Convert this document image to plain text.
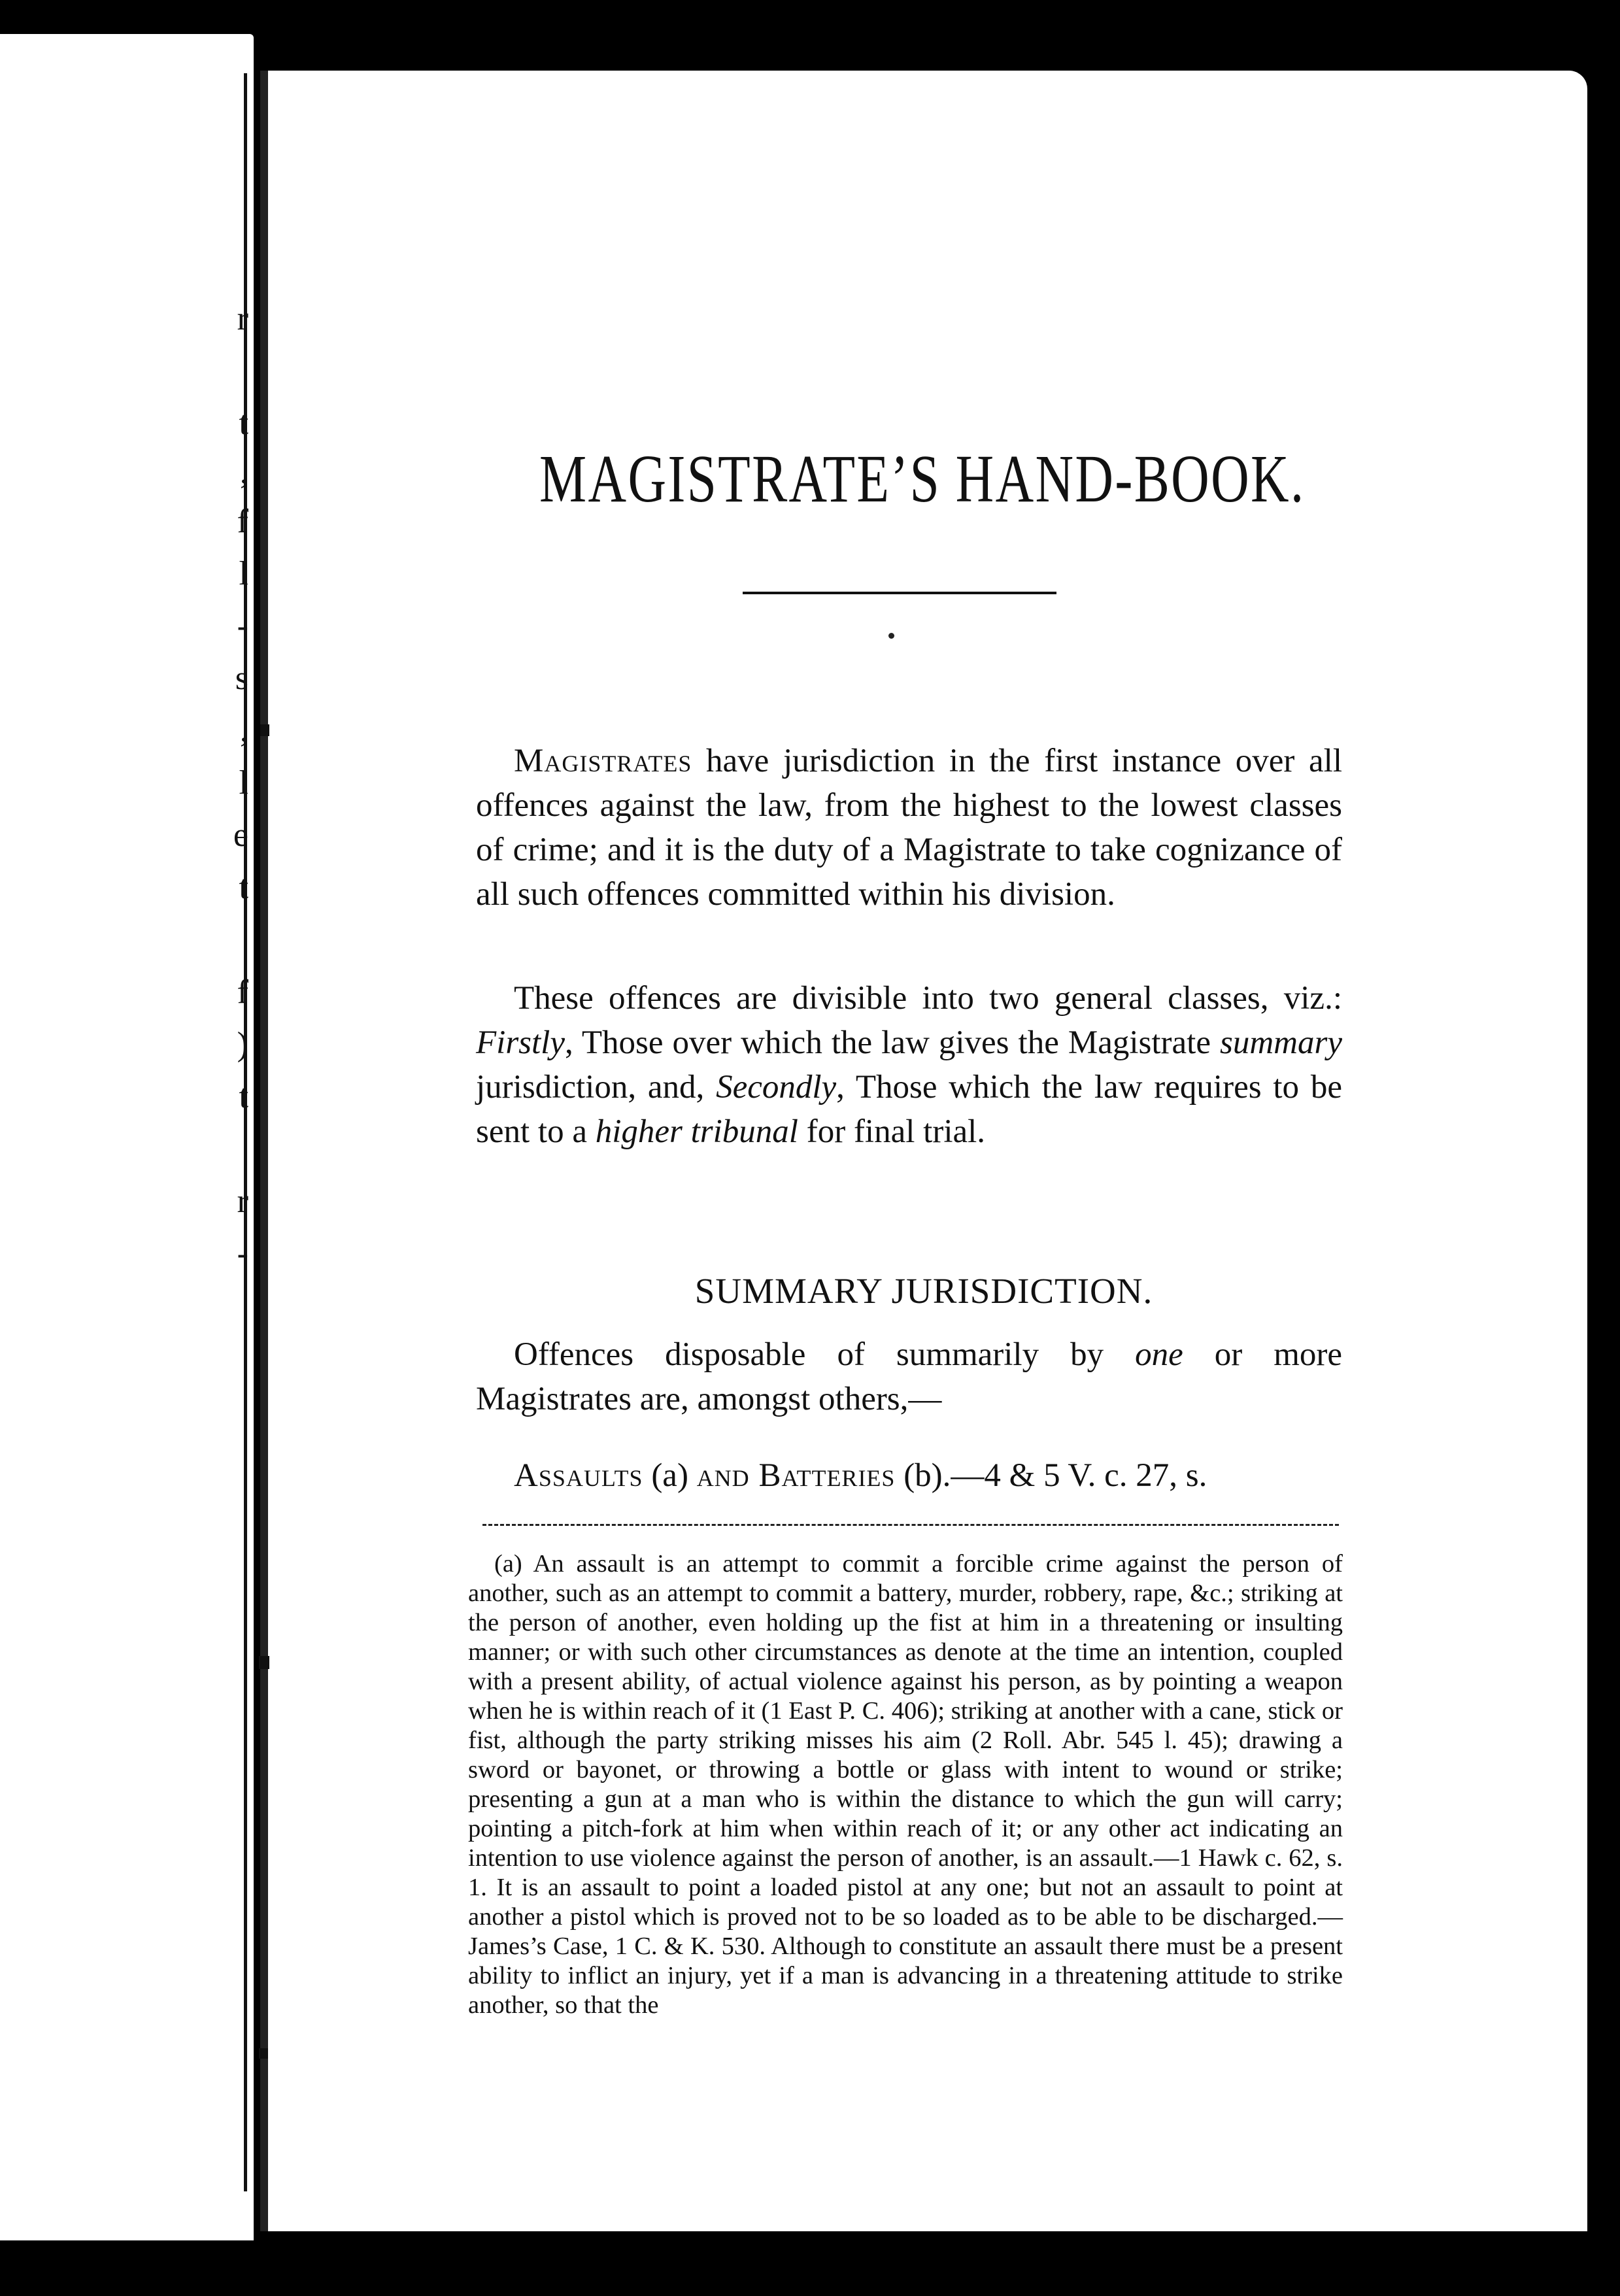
r
t
,
f
l
-
s
,
l
e
t
f
)
t
r
-
MAGISTRATE’S HAND-BOOK.

Magistrates have jurisdiction in the first instance over all offences against the law, from the highest to the lowest classes of crime; and it is the duty of a Magistrate to take cognizance of all such offences committed within his division.

These offences are divisible into two general classes, viz.: Firstly, Those over which the law gives the Magistrate summary jurisdiction, and, Secondly, Those which the law requires to be sent to a higher tribunal for final trial.

SUMMARY JURISDICTION.

Offences disposable of summarily by one or more Magistrates are, amongst others,—

Assaults (a) and Batteries (b).—4 & 5 V. c. 27, s.

(a) An assault is an attempt to commit a forcible crime against the person of another, such as an attempt to commit a battery, murder, robbery, rape, &c.; striking at the person of another, even holding up the fist at him in a threatening or insulting manner; or with such other circumstances as denote at the time an intention, coupled with a present ability, of actual violence against his person, as by pointing a weapon when he is within reach of it (1 East P. C. 406); striking at another with a cane, stick or fist, although the party striking misses his aim (2 Roll. Abr. 545 l. 45); drawing a sword or bayonet, or throwing a bottle or glass with intent to wound or strike; presenting a gun at a man who is within the distance to which the gun will carry; pointing a pitch-fork at him when within reach of it; or any other act indicating an intention to use violence against the person of another, is an assault.—1 Hawk c. 62, s. 1. It is an assault to point a loaded pistol at any one; but not an assault to point at another a pistol which is proved not to be so loaded as to be able to be discharged.—James’s Case, 1 C. & K. 530. Although to constitute an assault there must be a present ability to inflict an injury, yet if a man is advancing in a threatening attitude to strike another, so that the
